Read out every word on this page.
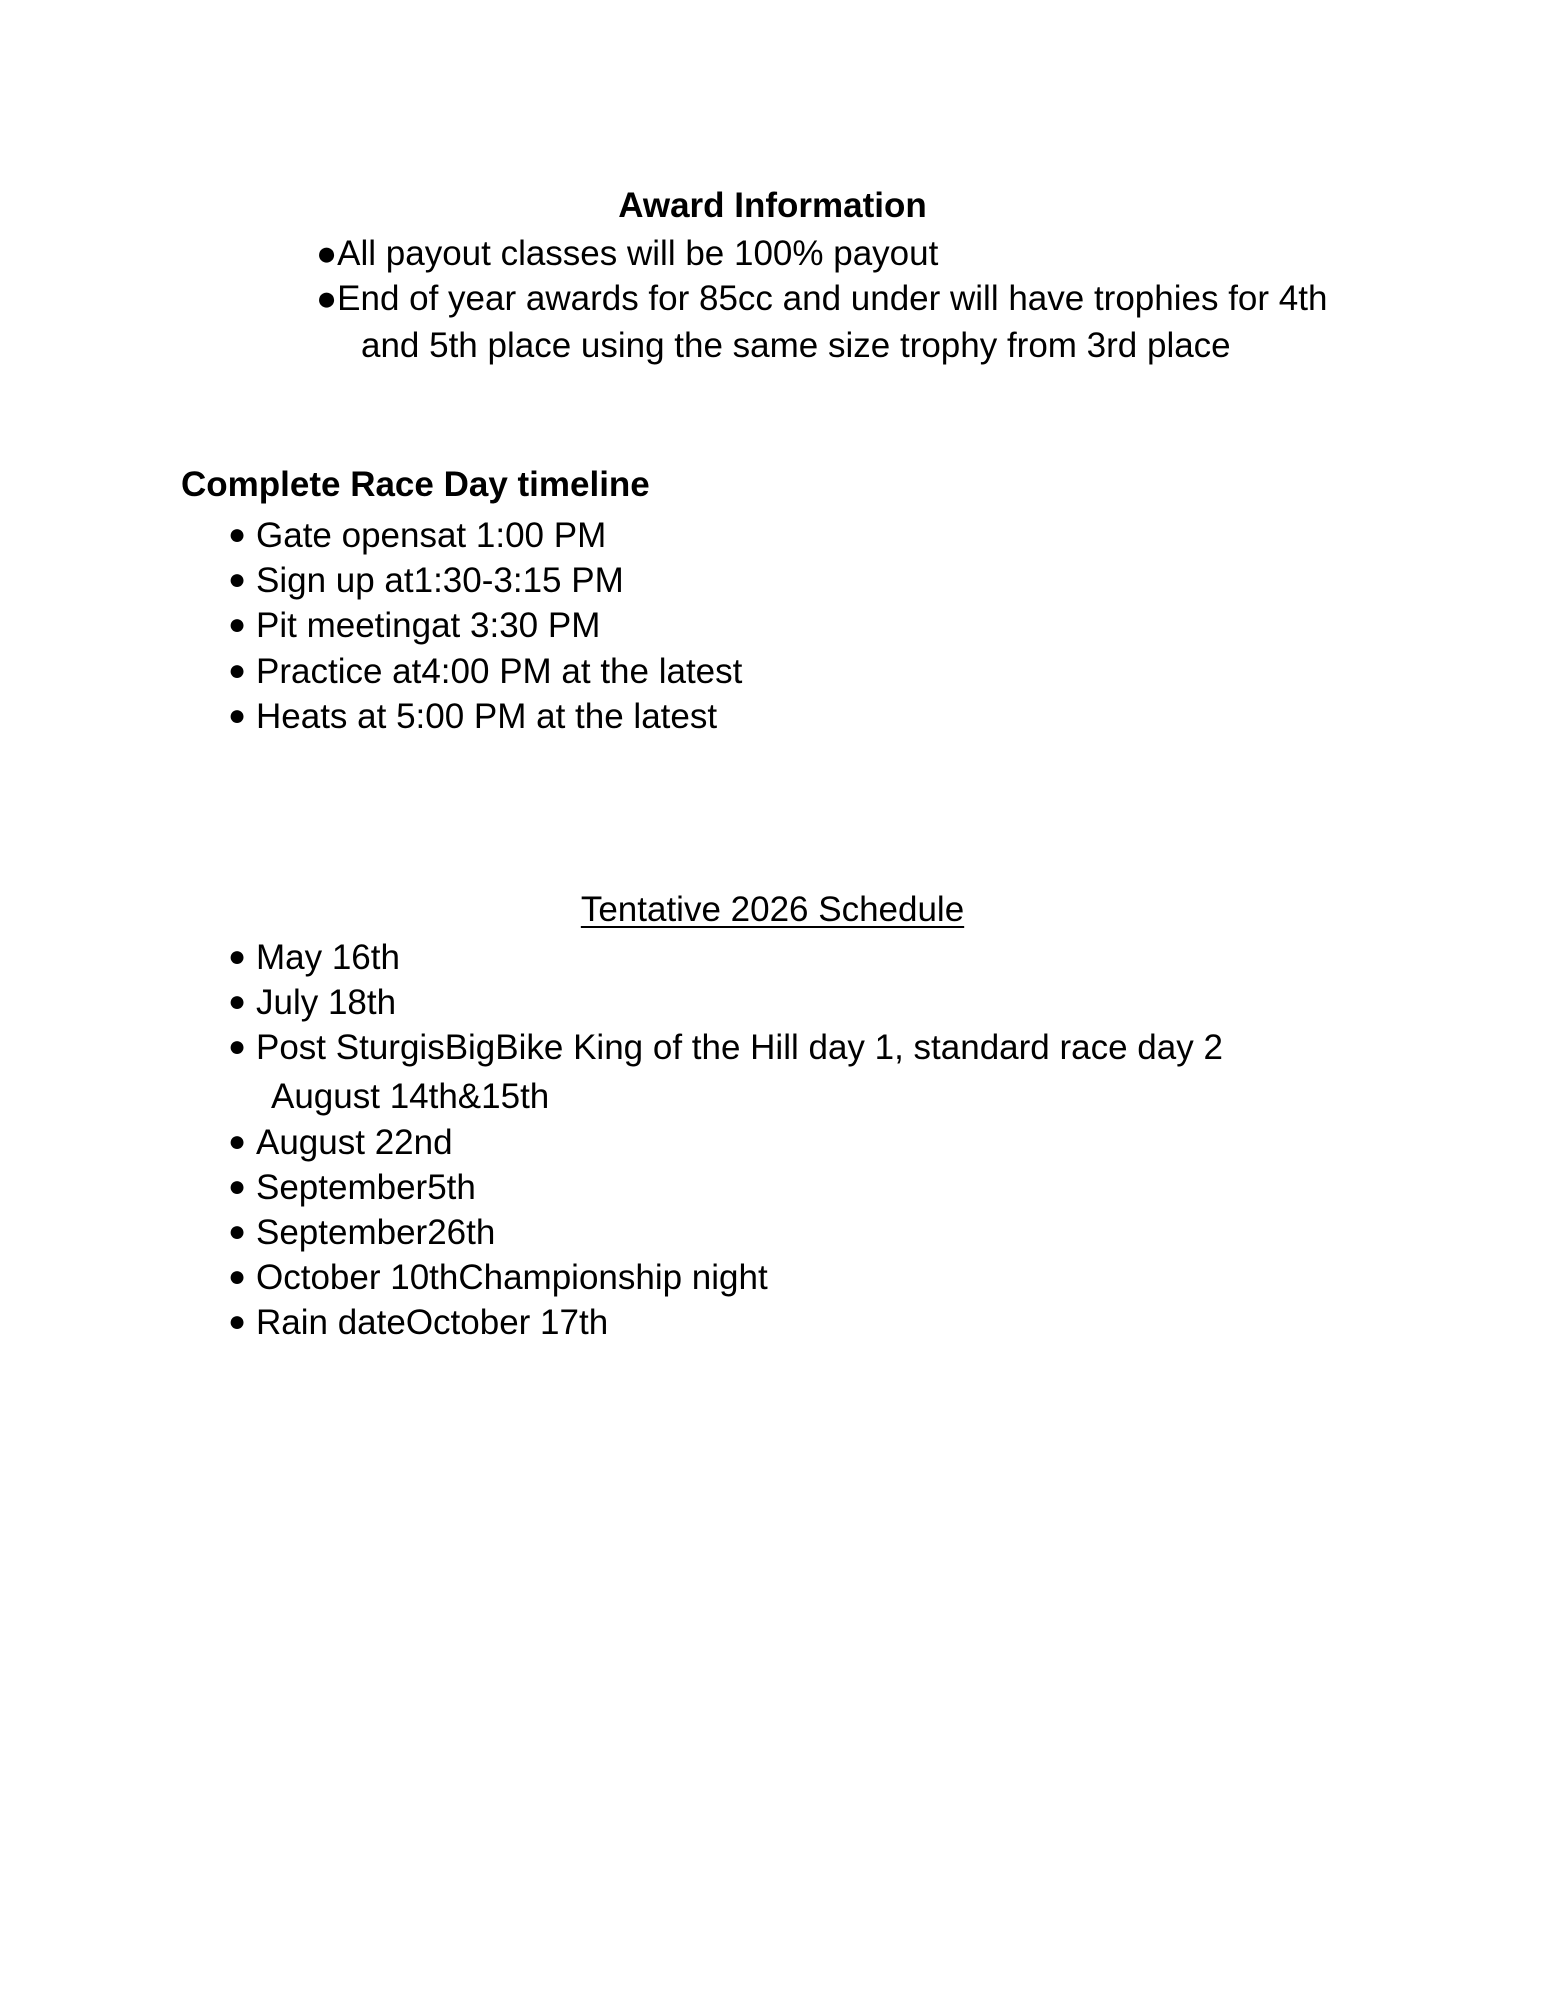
Award Information
●All payout classes will be 100% payout
●End of year awards for 85cc and under will have trophies for 4th
and 5th place using the same size trophy from 3rd place
Complete Race Day timeline
● Gate opensat 1:00 PM
● Sign up at1:30-3:15 PM
● Pit meetingat 3:30 PM
● Practice at4:00 PM at the latest
● Heats at 5:00 PM at the latest
Tentative 2026 Schedule
● May 16th
● July 18th
● Post SturgisBigBike King of the Hill day 1, standard race day 2
August 14th&15th
● August 22nd
● September5th
● September26th
● October 10thChampionship night
● Rain dateOctober 17th
